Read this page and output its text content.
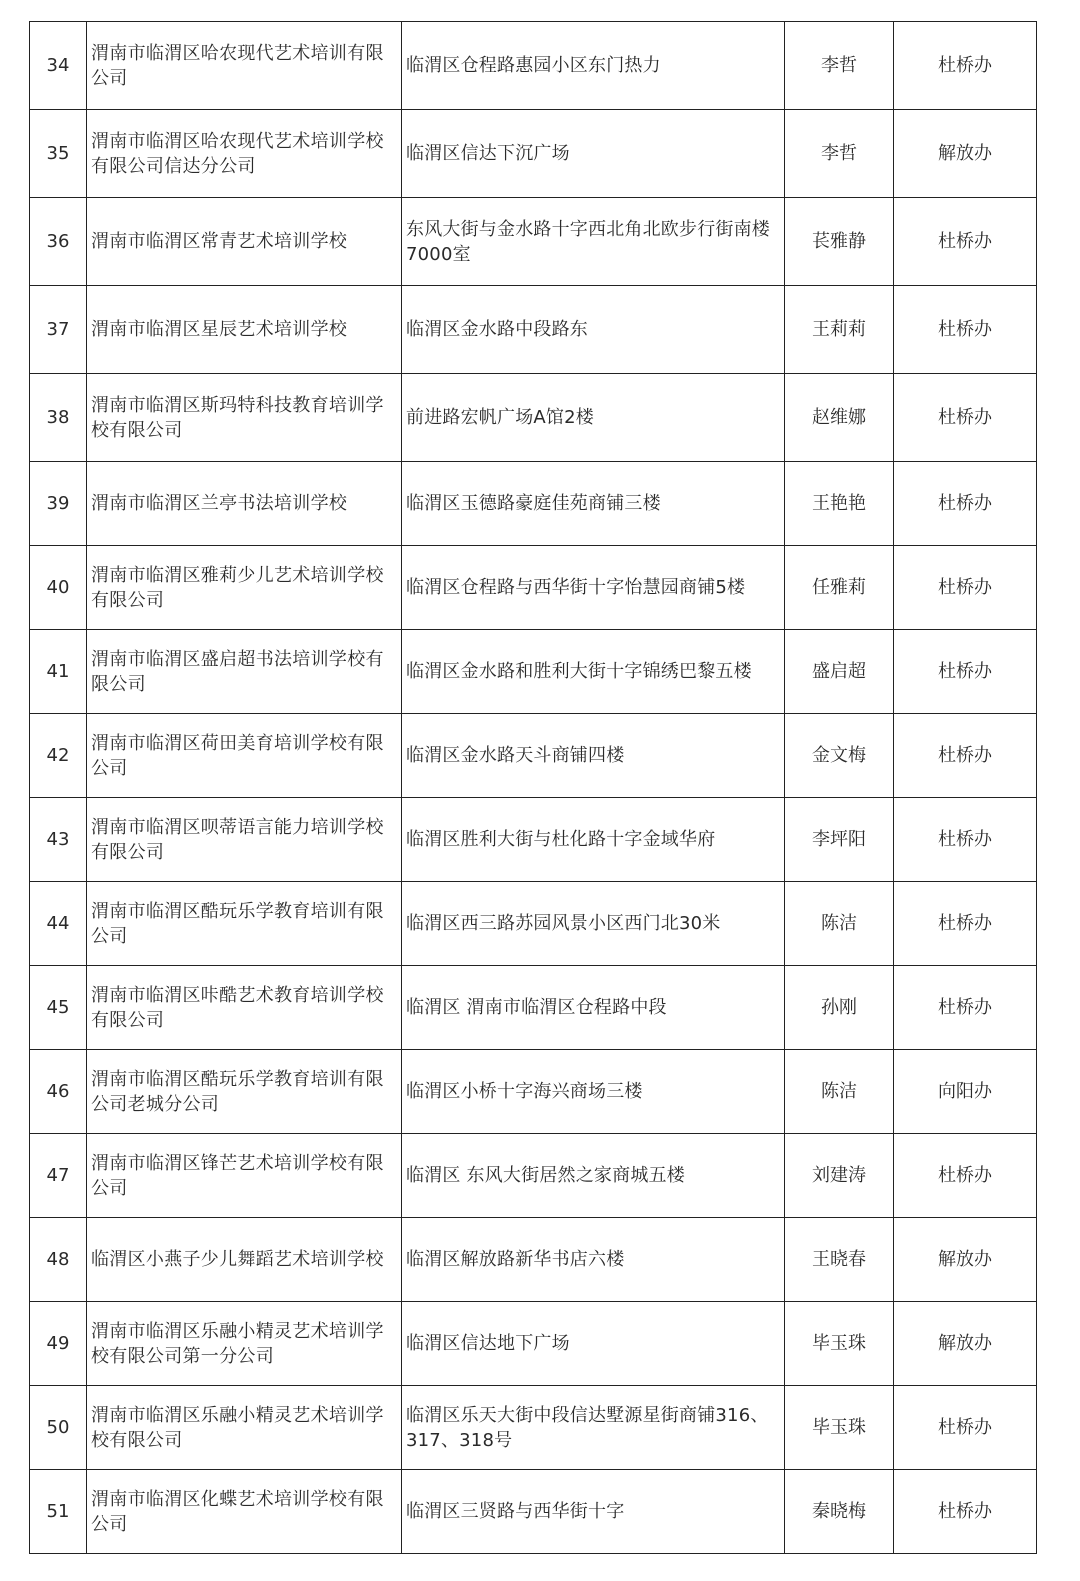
34	渭南市临渭区哈农现代艺术培训有限公司	临渭区仓程路惠园小区东门热力	李哲	杜桥办
35	渭南市临渭区哈农现代艺术培训学校有限公司信达分公司	临渭区信达下沉广场	李哲	解放办
36	渭南市临渭区常青艺术培训学校	东风大街与金水路十字西北角北欧步行街南楼7000室	苌雅静	杜桥办
37	渭南市临渭区星辰艺术培训学校	临渭区金水路中段路东	王莉莉	杜桥办
38	渭南市临渭区斯玛特科技教育培训学校有限公司	前进路宏帆广场A馆2楼	赵维娜	杜桥办
39	渭南市临渭区兰亭书法培训学校	临渭区玉德路豪庭佳苑商铺三楼	王艳艳	杜桥办
40	渭南市临渭区雅莉少儿艺术培训学校有限公司	临渭区仓程路与西华街十字怡慧园商铺5楼	任雅莉	杜桥办
41	渭南市临渭区盛启超书法培训学校有限公司	临渭区金水路和胜利大街十字锦绣巴黎五楼	盛启超	杜桥办
42	渭南市临渭区荷田美育培训学校有限公司	临渭区金水路天斗商铺四楼	金文梅	杜桥办
43	渭南市临渭区呗蒂语言能力培训学校有限公司	临渭区胜利大街与杜化路十字金域华府	李坪阳	杜桥办
44	渭南市临渭区酷玩乐学教育培训有限公司	临渭区西三路苏园风景小区西门北30米	陈洁	杜桥办
45	渭南市临渭区咔酷艺术教育培训学校有限公司	临渭区 渭南市临渭区仓程路中段	孙刚	杜桥办
46	渭南市临渭区酷玩乐学教育培训有限公司老城分公司	临渭区小桥十字海兴商场三楼	陈洁	向阳办
47	渭南市临渭区锋芒艺术培训学校有限公司	临渭区 东风大街居然之家商城五楼	刘建涛	杜桥办
48	临渭区小燕子少儿舞蹈艺术培训学校	临渭区解放路新华书店六楼	王晓春	解放办
49	渭南市临渭区乐融小精灵艺术培训学校有限公司第一分公司	临渭区信达地下广场	毕玉珠	解放办
50	渭南市临渭区乐融小精灵艺术培训学校有限公司	临渭区乐天大街中段信达墅源星街商铺316、317、318号	毕玉珠	杜桥办
51	渭南市临渭区化蝶艺术培训学校有限公司	临渭区三贤路与西华街十字	秦晓梅	杜桥办
